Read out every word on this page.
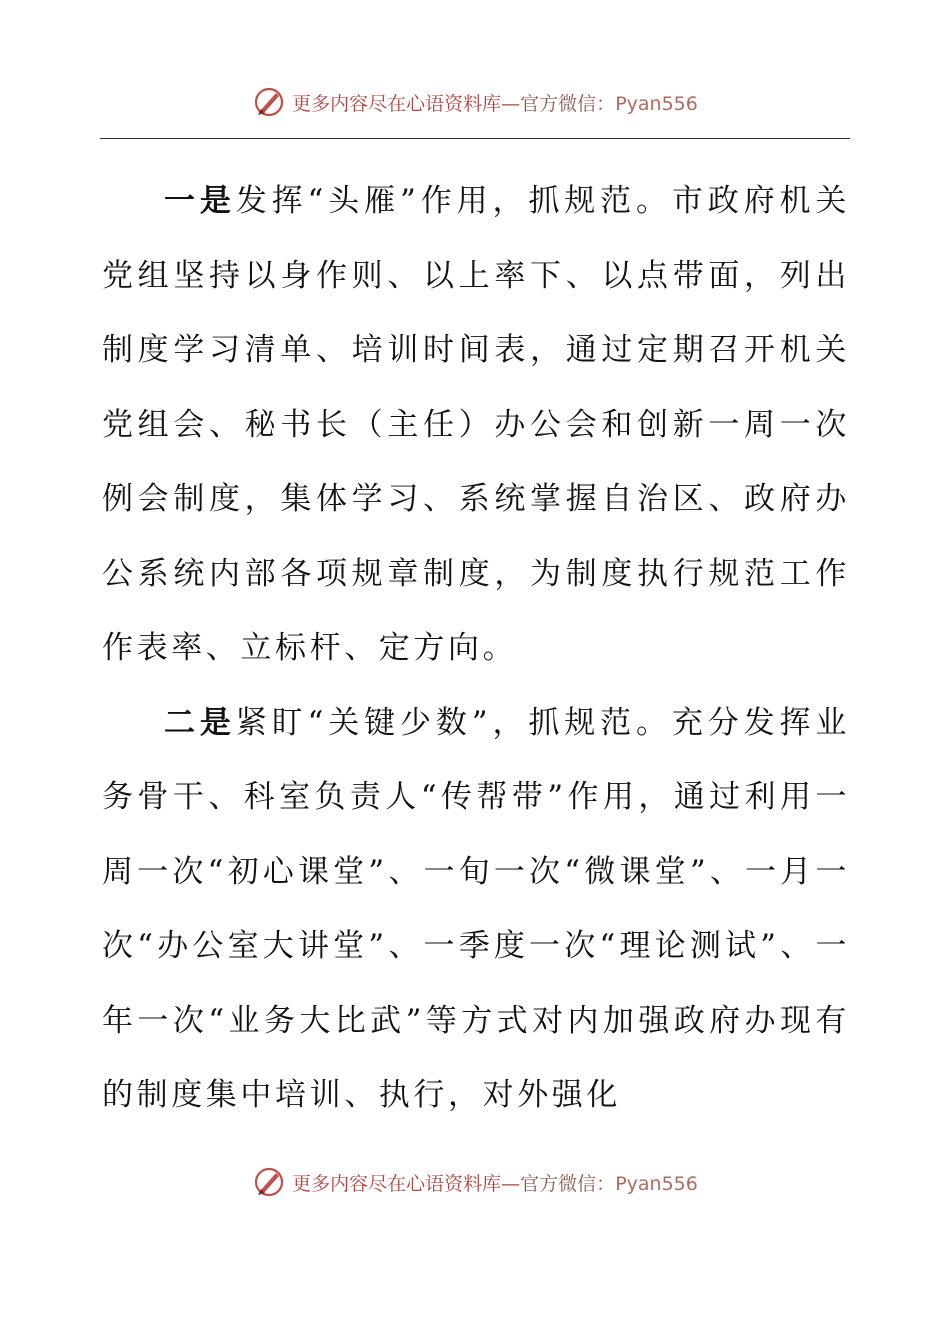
更多内容尽在心语资料库—官方微信：Pyan556

一是发挥“头雁”作用，抓规范。市政府机关党组坚持以身作则、以上率下、以点带面，列出制度学习清单、培训时间表，通过定期召开机关党组会、秘书长（主任）办公会和创新一周一次例会制度，集体学习、系统掌握自治区、政府办公系统内部各项规章制度，为制度执行规范工作作表率、立标杆、定方向。

二是紧盯“关键少数”，抓规范。充分发挥业务骨干、科室负责人“传帮带”作用，通过利用一周一次“初心课堂”、一旬一次“微课堂”、一月一次“办公室大讲堂”、一季度一次“理论测试”、一年一次“业务大比武”等方式对内加强政府办现有的制度集中培训、执行，对外强化

更多内容尽在心语资料库—官方微信：Pyan556
